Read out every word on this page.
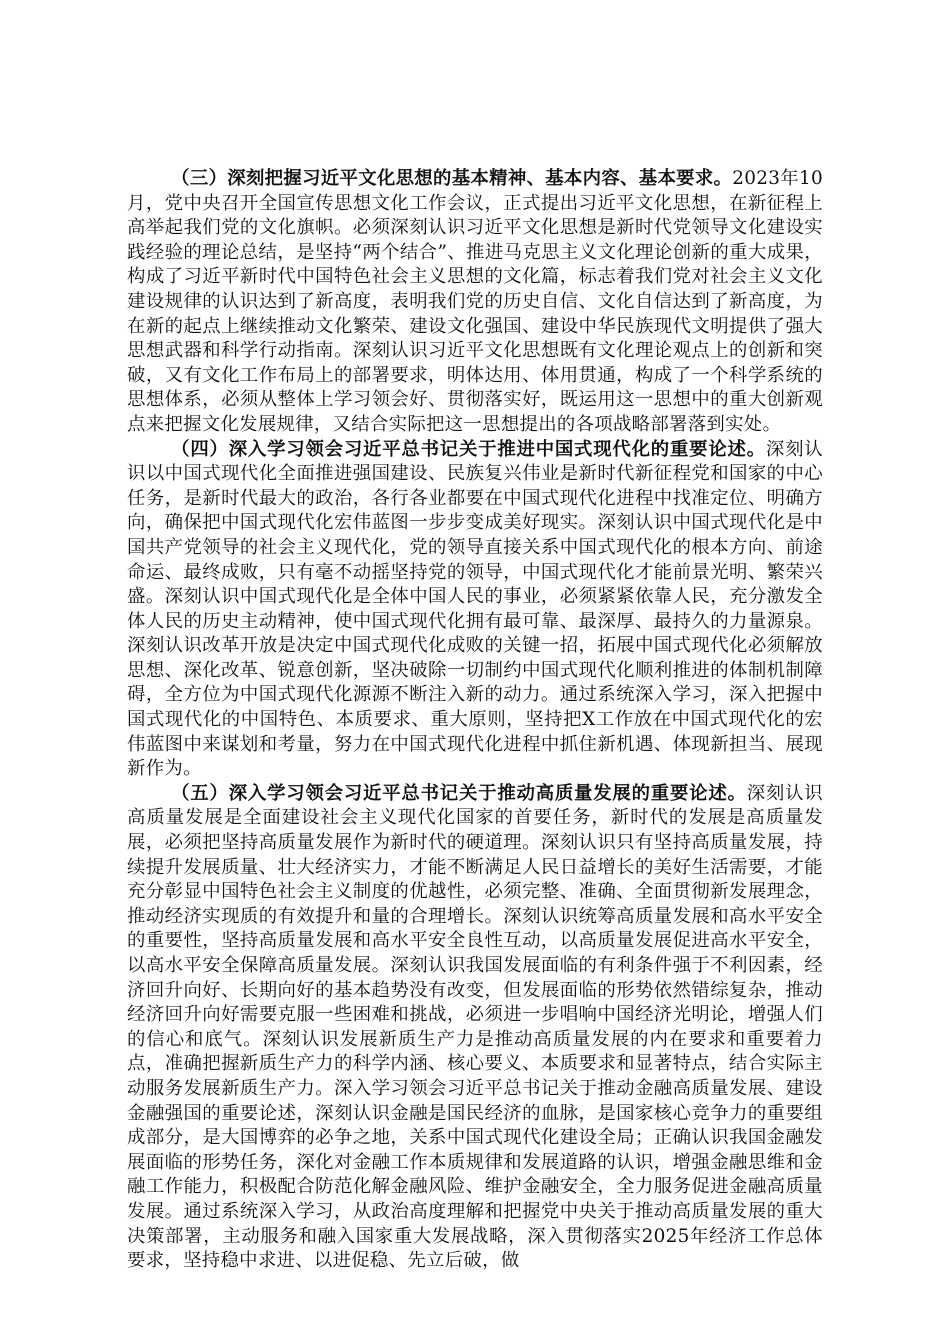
（三）深刻把握习近平文化思想的基本精神、基本内容、基本要求。2023年10月，党中央召开全国宣传思想文化工作会议，正式提出习近平文化思想，在新征程上高举起我们党的文化旗帜。必须深刻认识习近平文化思想是新时代党领导文化建设实践经验的理论总结，是坚持“两个结合”、推进马克思主义文化理论创新的重大成果，构成了习近平新时代中国特色社会主义思想的文化篇，标志着我们党对社会主义文化建设规律的认识达到了新高度，表明我们党的历史自信、文化自信达到了新高度，为在新的起点上继续推动文化繁荣、建设文化强国、建设中华民族现代文明提供了强大思想武器和科学行动指南。深刻认识习近平文化思想既有文化理论观点上的创新和突破，又有文化工作布局上的部署要求，明体达用、体用贯通，构成了一个科学系统的思想体系，必须从整体上学习领会好、贯彻落实好，既运用这一思想中的重大创新观点来把握文化发展规律，又结合实际把这一思想提出的各项战略部署落到实处。

（四）深入学习领会习近平总书记关于推进中国式现代化的重要论述。深刻认识以中国式现代化全面推进强国建设、民族复兴伟业是新时代新征程党和国家的中心任务，是新时代最大的政治，各行各业都要在中国式现代化进程中找准定位、明确方向，确保把中国式现代化宏伟蓝图一步步变成美好现实。深刻认识中国式现代化是中国共产党领导的社会主义现代化，党的领导直接关系中国式现代化的根本方向、前途命运、最终成败，只有毫不动摇坚持党的领导，中国式现代化才能前景光明、繁荣兴盛。深刻认识中国式现代化是全体中国人民的事业，必须紧紧依靠人民，充分激发全体人民的历史主动精神，使中国式现代化拥有最可靠、最深厚、最持久的力量源泉。深刻认识改革开放是决定中国式现代化成败的关键一招，拓展中国式现代化必须解放思想、深化改革、锐意创新，坚决破除一切制约中国式现代化顺利推进的体制机制障碍，全方位为中国式现代化源源不断注入新的动力。通过系统深入学习，深入把握中国式现代化的中国特色、本质要求、重大原则，坚持把X工作放在中国式现代化的宏伟蓝图中来谋划和考量，努力在中国式现代化进程中抓住新机遇、体现新担当、展现新作为。

（五）深入学习领会习近平总书记关于推动高质量发展的重要论述。深刻认识高质量发展是全面建设社会主义现代化国家的首要任务，新时代的发展是高质量发展，必须把坚持高质量发展作为新时代的硬道理。深刻认识只有坚持高质量发展，持续提升发展质量、壮大经济实力，才能不断满足人民日益增长的美好生活需要，才能充分彰显中国特色社会主义制度的优越性，必须完整、准确、全面贯彻新发展理念，推动经济实现质的有效提升和量的合理增长。深刻认识统筹高质量发展和高水平安全的重要性，坚持高质量发展和高水平安全良性互动，以高质量发展促进高水平安全，以高水平安全保障高质量发展。深刻认识我国发展面临的有利条件强于不利因素，经济回升向好、长期向好的基本趋势没有改变，但发展面临的形势依然错综复杂，推动经济回升向好需要克服一些困难和挑战，必须进一步唱响中国经济光明论，增强人们的信心和底气。深刻认识发展新质生产力是推动高质量发展的内在要求和重要着力点，准确把握新质生产力的科学内涵、核心要义、本质要求和显著特点，结合实际主动服务发展新质生产力。深入学习领会习近平总书记关于推动金融高质量发展、建设金融强国的重要论述，深刻认识金融是国民经济的血脉，是国家核心竞争力的重要组成部分，是大国博弈的必争之地，关系中国式现代化建设全局；正确认识我国金融发展面临的形势任务，深化对金融工作本质规律和发展道路的认识，增强金融思维和金融工作能力，积极配合防范化解金融风险、维护金融安全，全力服务促进金融高质量发展。通过系统深入学习，从政治高度理解和把握党中央关于推动高质量发展的重大决策部署，主动服务和融入国家重大发展战略，深入贯彻落实2025年经济工作总体要求，坚持稳中求进、以进促稳、先立后破，做
